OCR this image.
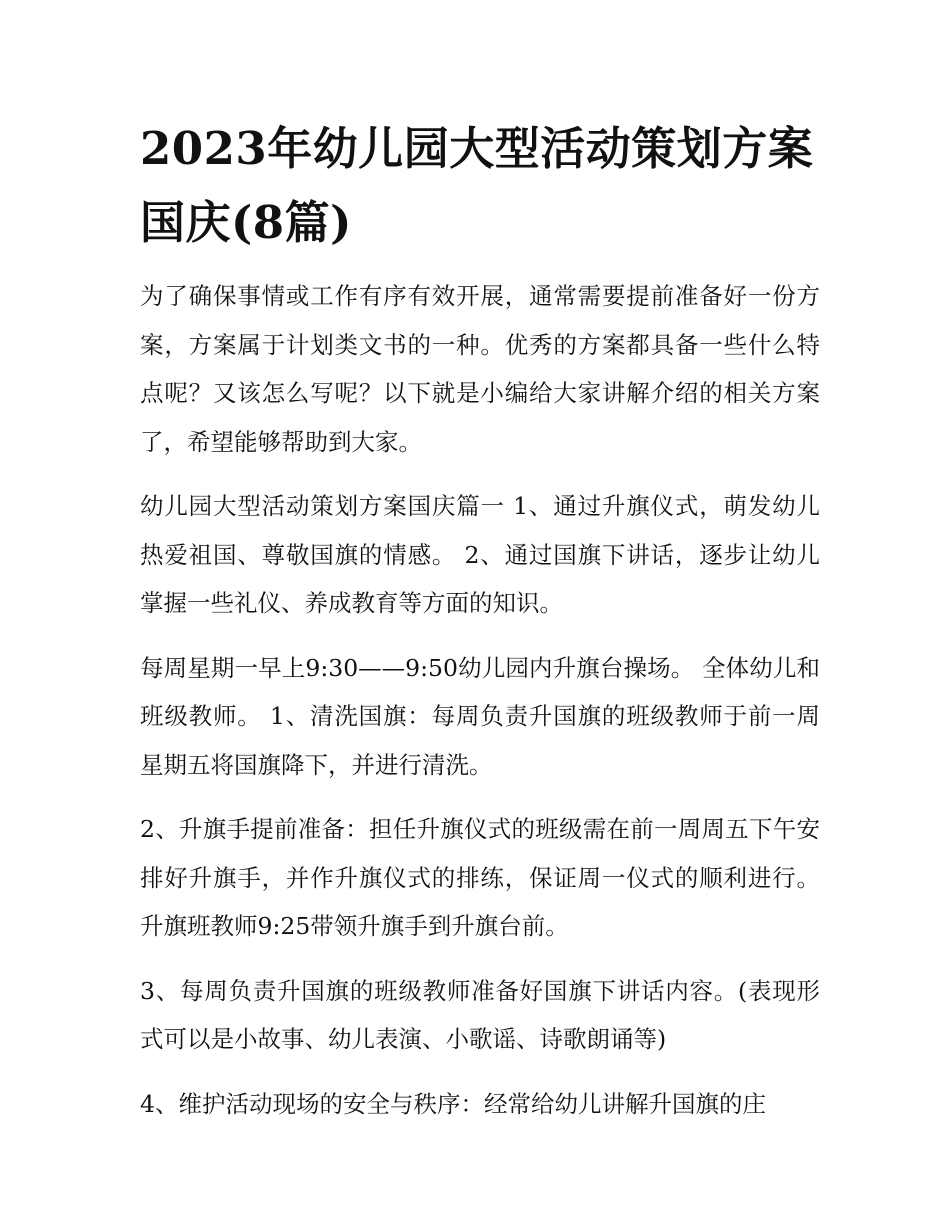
2023年幼儿园大型活动策划方案国庆(8篇)

为了确保事情或工作有序有效开展，通常需要提前准备好一份方案，方案属于计划类文书的一种。优秀的方案都具备一些什么特点呢？又该怎么写呢？以下就是小编给大家讲解介绍的相关方案了，希望能够帮助到大家。

幼儿园大型活动策划方案国庆篇一 1、通过升旗仪式，萌发幼儿热爱祖国、尊敬国旗的情感。 2、通过国旗下讲话，逐步让幼儿掌握一些礼仪、养成教育等方面的知识。

每周星期一早上9:30——9:50幼儿园内升旗台操场。 全体幼儿和班级教师。 1、清洗国旗：每周负责升国旗的班级教师于前一周星期五将国旗降下，并进行清洗。

2、升旗手提前准备：担任升旗仪式的班级需在前一周周五下午安排好升旗手，并作升旗仪式的排练，保证周一仪式的顺利进行。升旗班教师9:25带领升旗手到升旗台前。

3、每周负责升国旗的班级教师准备好国旗下讲话内容。(表现形式可以是小故事、幼儿表演、小歌谣、诗歌朗诵等)

4、维护活动现场的安全与秩序：经常给幼儿讲解升国旗的庄
